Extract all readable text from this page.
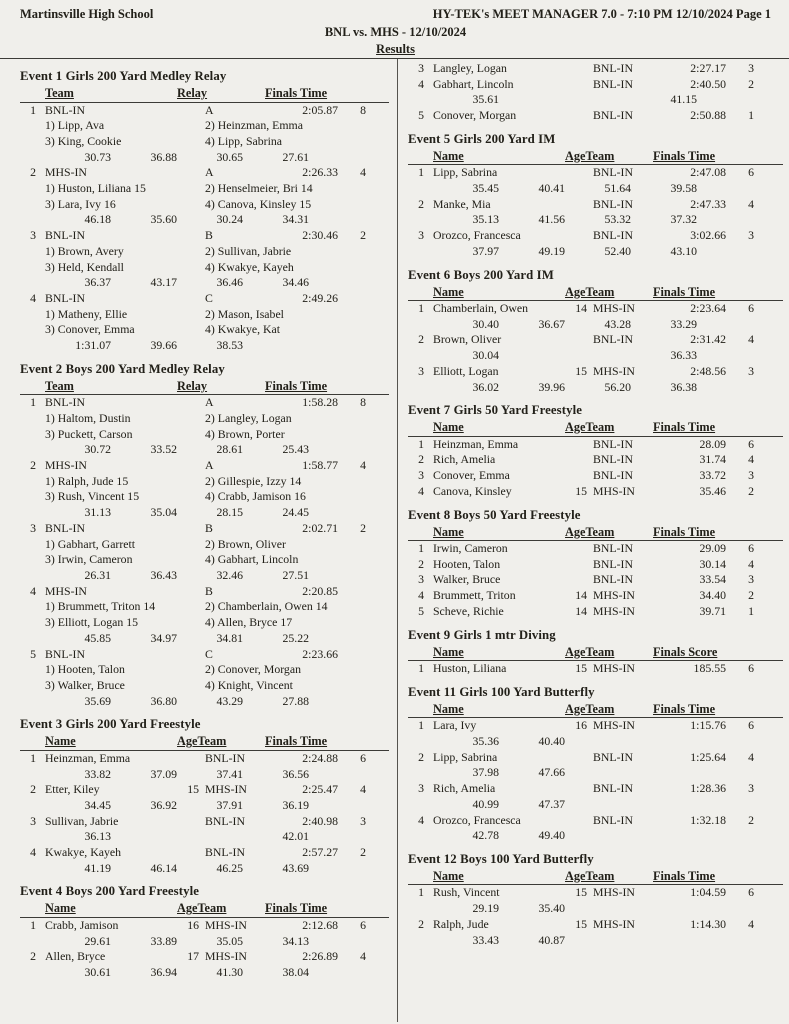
Martinsville High School	HY-TEK's MEET MANAGER 7.0 - 7:10 PM 12/10/2024 Page 1
BNL vs. MHS - 12/10/2024
Results
Event 1 Girls 200 Yard Medley Relay
Team	Relay	Finals Time
1 BNL-IN	A	2:05.87	8
1) Lipp, Ava	2) Heinzman, Emma
3) King, Cookie	4) Lipp, Sabrina
30.73	36.88	30.65	27.61
2 MHS-IN	A	2:26.33	4
1) Huston, Liliana 15	2) Henselmeier, Bri 14
3) Lara, Ivy 16	4) Canova, Kinsley 15
46.18	35.60	30.24	34.31
3 BNL-IN	B	2:30.46	2
1) Brown, Avery	2) Sullivan, Jabrie
3) Held, Kendall	4) Kwakye, Kayeh
36.37	43.17	36.46	34.46
4 BNL-IN	C	2:49.26
1) Matheny, Ellie	2) Mason, Isabel
3) Conover, Emma	4) Kwakye, Kat
1:31.07	39.66	38.53
Event 2 Boys 200 Yard Medley Relay
Team	Relay	Finals Time
1 BNL-IN	A	1:58.28	8
1) Haltom, Dustin	2) Langley, Logan
3) Puckett, Carson	4) Brown, Porter
30.72	33.52	28.61	25.43
2 MHS-IN	A	1:58.77	4
1) Ralph, Jude 15	2) Gillespie, Izzy 14
3) Rush, Vincent 15	4) Crabb, Jamison 16
31.13	35.04	28.15	24.45
3 BNL-IN	B	2:02.71	2
1) Gabhart, Garrett	2) Brown, Oliver
3) Irwin, Cameron	4) Gabhart, Lincoln
26.31	36.43	32.46	27.51
4 MHS-IN	B	2:20.85
1) Brummett, Triton 14	2) Chamberlain, Owen 14
3) Elliott, Logan 15	4) Allen, Bryce 17
45.85	34.97	34.81	25.22
5 BNL-IN	C	2:23.66
1) Hooten, Talon	2) Conover, Morgan
3) Walker, Bruce	4) Knight, Vincent
35.69	36.80	43.29	27.88
Event 3 Girls 200 Yard Freestyle
Name	AgeTeam	Finals Time
1 Heinzman, Emma	BNL-IN	2:24.88	6
33.82	37.09	37.41	36.56
2 Etter, Kiley	15 MHS-IN	2:25.47	4
34.45	36.92	37.91	36.19
3 Sullivan, Jabrie	BNL-IN	2:40.98	3
36.13	42.01
4 Kwakye, Kayeh	BNL-IN	2:57.27	2
41.19	46.14	46.25	43.69
Event 4 Boys 200 Yard Freestyle
Name	AgeTeam	Finals Time
1 Crabb, Jamison	16 MHS-IN	2:12.68	6
29.61	33.89	35.05	34.13
2 Allen, Bryce	17 MHS-IN	2:26.89	4
30.61	36.94	41.30	38.04
3 Langley, Logan	BNL-IN	2:27.17	3
4 Gabhart, Lincoln	BNL-IN	2:40.50	2
35.61	41.15
5 Conover, Morgan	BNL-IN	2:50.88	1
Event 5 Girls 200 Yard IM
Name	AgeTeam	Finals Time
1 Lipp, Sabrina	BNL-IN	2:47.08	6
35.45	40.41	51.64	39.58
2 Manke, Mia	BNL-IN	2:47.33	4
35.13	41.56	53.32	37.32
3 Orozco, Francesca	BNL-IN	3:02.66	3
37.97	49.19	52.40	43.10
Event 6 Boys 200 Yard IM
Name	AgeTeam	Finals Time
1 Chamberlain, Owen	14 MHS-IN	2:23.64	6
30.40	36.67	43.28	33.29
2 Brown, Oliver	BNL-IN	2:31.42	4
30.04	36.33
3 Elliott, Logan	15 MHS-IN	2:48.56	3
36.02	39.96	56.20	36.38
Event 7 Girls 50 Yard Freestyle
Name	AgeTeam	Finals Time
1 Heinzman, Emma	BNL-IN	28.09	6
2 Rich, Amelia	BNL-IN	31.74	4
3 Conover, Emma	BNL-IN	33.72	3
4 Canova, Kinsley	15 MHS-IN	35.46	2
Event 8 Boys 50 Yard Freestyle
Name	AgeTeam	Finals Time
1 Irwin, Cameron	BNL-IN	29.09	6
2 Hooten, Talon	BNL-IN	30.14	4
3 Walker, Bruce	BNL-IN	33.54	3
4 Brummett, Triton	14 MHS-IN	34.40	2
5 Scheve, Richie	14 MHS-IN	39.71	1
Event 9 Girls 1 mtr Diving
Name	AgeTeam	Finals Score
1 Huston, Liliana	15 MHS-IN	185.55	6
Event 11 Girls 100 Yard Butterfly
Name	AgeTeam	Finals Time
1 Lara, Ivy	16 MHS-IN	1:15.76	6
35.36	40.40
2 Lipp, Sabrina	BNL-IN	1:25.64	4
37.98	47.66
3 Rich, Amelia	BNL-IN	1:28.36	3
40.99	47.37
4 Orozco, Francesca	BNL-IN	1:32.18	2
42.78	49.40
Event 12 Boys 100 Yard Butterfly
Name	AgeTeam	Finals Time
1 Rush, Vincent	15 MHS-IN	1:04.59	6
29.19	35.40
2 Ralph, Jude	15 MHS-IN	1:14.30	4
33.43	40.87
